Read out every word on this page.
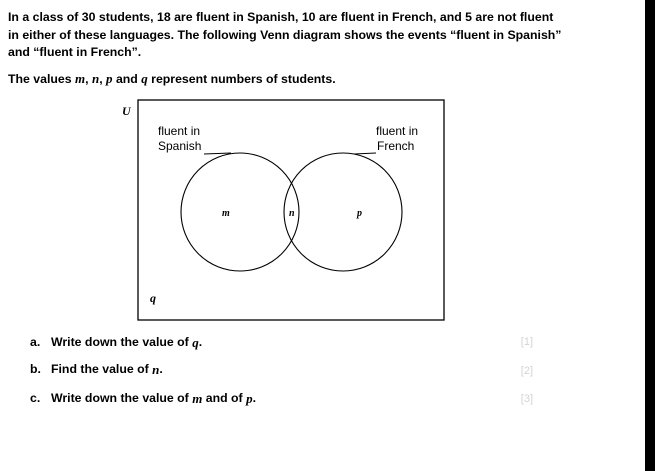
In a class of 30 students, 18 are fluent in Spanish, 10 are fluent in French, and 5 are not fluent

in either of these languages. The following Venn diagram shows the events “fluent in Spanish”

and “fluent in French”.

The values m, n, p and q represent numbers of students.
U
fluent in
Spanish
fluent in
French
m	n	p
q
a. Write down the value of
q .	[1]
b. Find the value of
n .	[2]
c. Write down the value of
m
and of
p .	[3]
